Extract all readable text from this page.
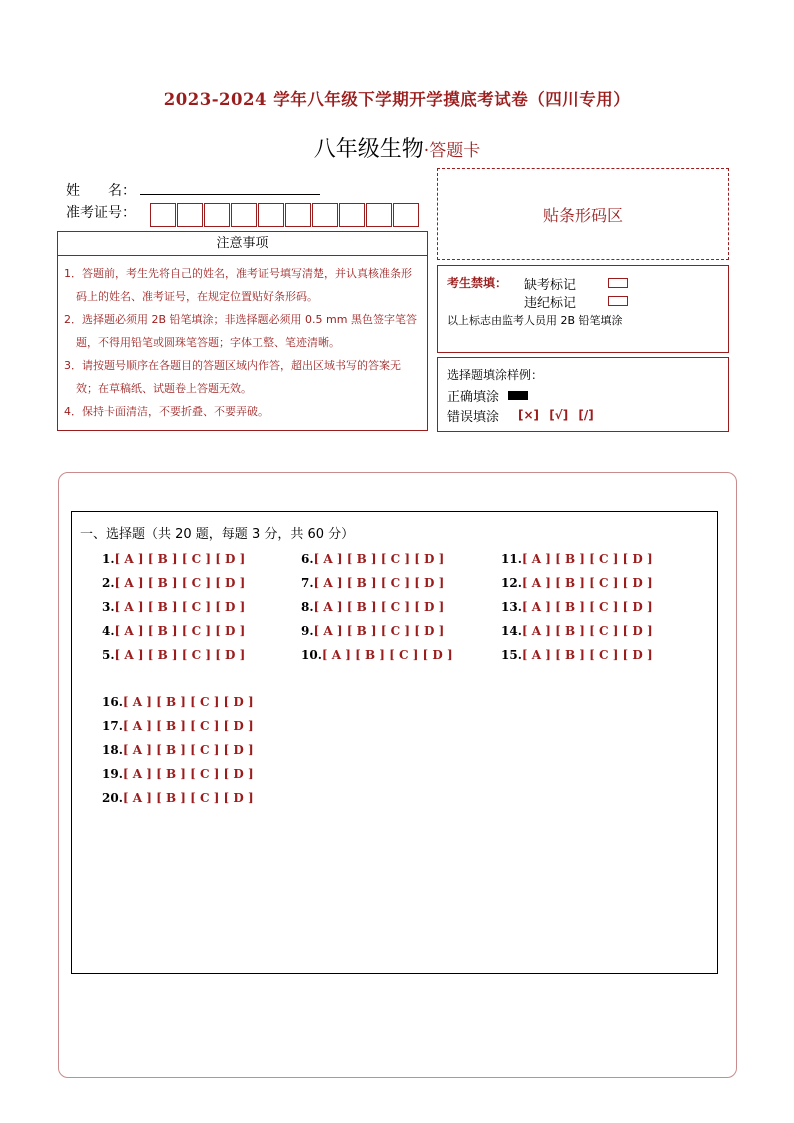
2023-2024 学年八年级下学期开学摸底考试卷（四川专用）
八年级生物·答题卡
姓　　名：
准考证号：	贴条形码区
注意事项
1．答题前，考生先将自己的姓名，准考证号填写清楚，并认真核准条形码上的姓名、准考证号，在规定位置贴好条形码。
2．选择题必须用 2B 铅笔填涂；非选择题必须用 0.5 mm 黑色签字笔答题，不得用铅笔或圆珠笔答题；字体工整、笔迹清晰。
3．请按题号顺序在各题目的答题区域内作答，超出区域书写的答案无效；在草稿纸、试题卷上答题无效。
4．保持卡面清洁，不要折叠、不要弄破。
考生禁填： 缺考标记
违纪标记
以上标志由监考人员用 2B 铅笔填涂
选择题填涂样例：
正确填涂
错误填涂 [×] [√] [/]
一、选择题（共 20 题，每题 3 分，共 60 分）
1.[ A ] [ B ] [ C ] [ D ]
2.[ A ] [ B ] [ C ] [ D ]
3.[ A ] [ B ] [ C ] [ D ]
4.[ A ] [ B ] [ C ] [ D ]
5.[ A ] [ B ] [ C ] [ D ]
6.[ A ] [ B ] [ C ] [ D ]
7.[ A ] [ B ] [ C ] [ D ]
8.[ A ] [ B ] [ C ] [ D ]
9.[ A ] [ B ] [ C ] [ D ]
10.[ A ] [ B ] [ C ] [ D ]
11.[ A ] [ B ] [ C ] [ D ]
12.[ A ] [ B ] [ C ] [ D ]
13.[ A ] [ B ] [ C ] [ D ]
14.[ A ] [ B ] [ C ] [ D ]
15.[ A ] [ B ] [ C ] [ D ]
16.[ A ] [ B ] [ C ] [ D ]
17.[ A ] [ B ] [ C ] [ D ]
18.[ A ] [ B ] [ C ] [ D ]
19.[ A ] [ B ] [ C ] [ D ]
20.[ A ] [ B ] [ C ] [ D ]
